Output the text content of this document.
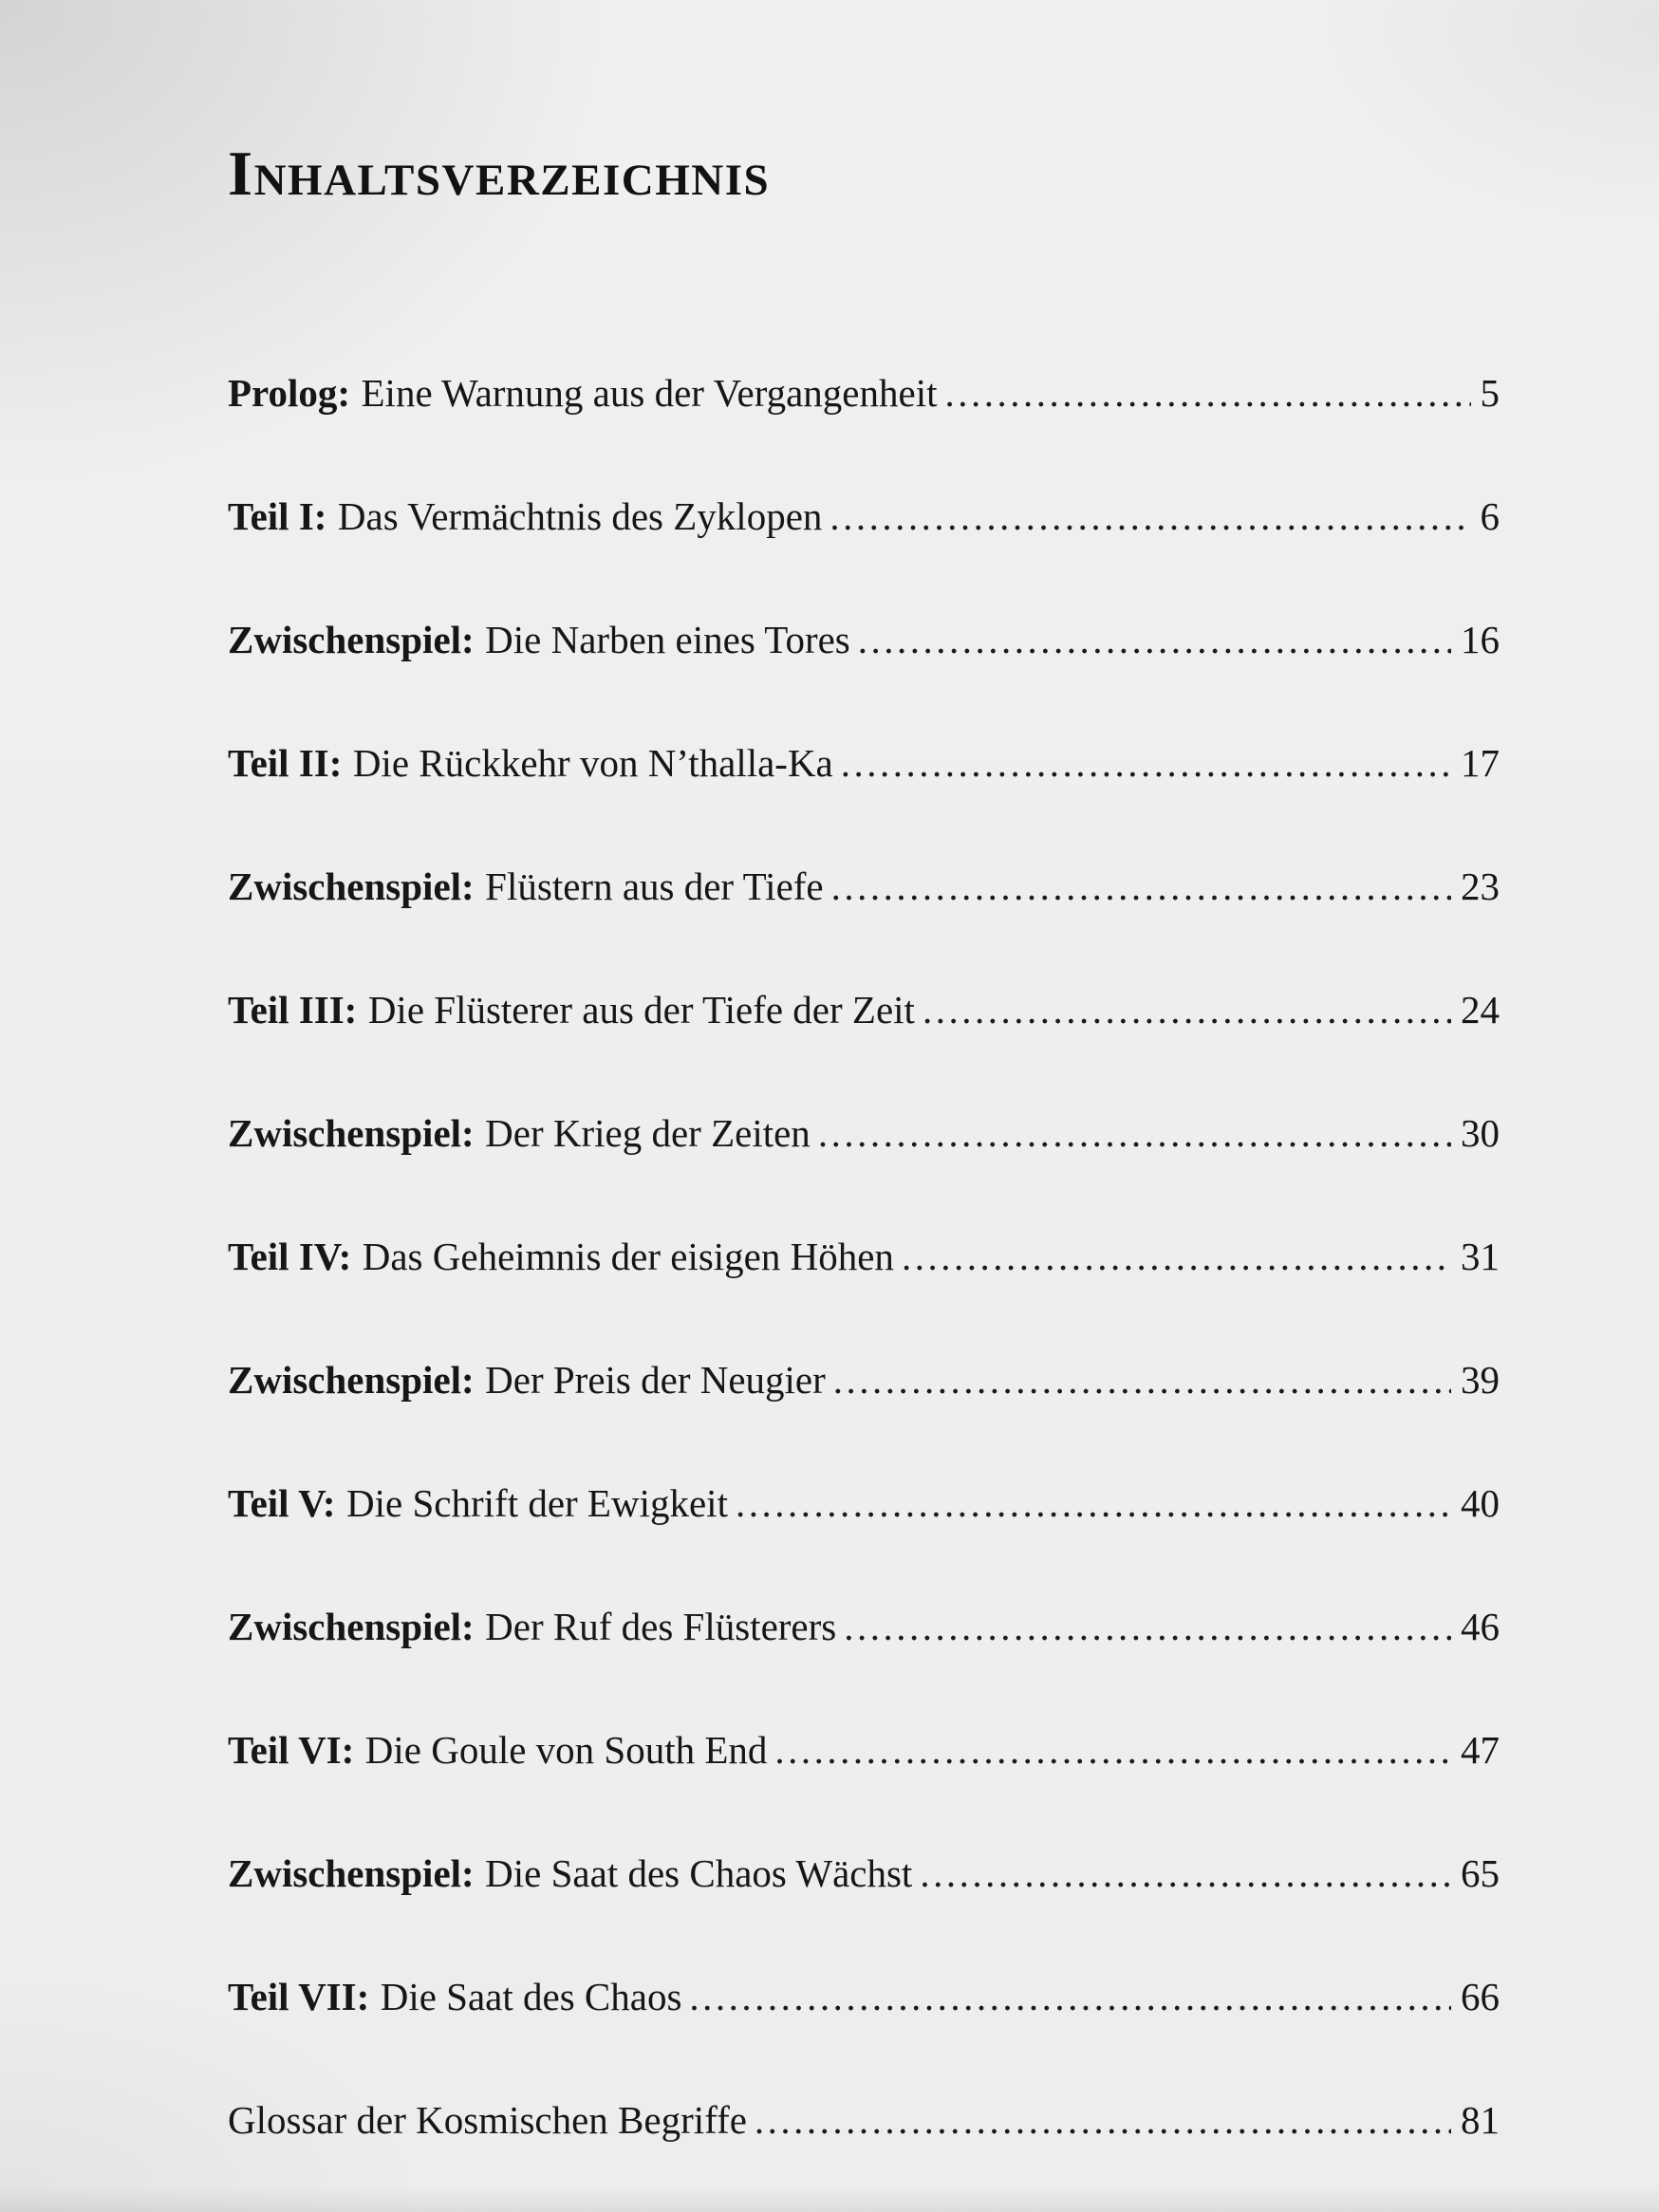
Inhaltsverzeichnis
Prolog: Eine Warnung aus der Vergangenheit .....	5
Teil I: Das Vermächtnis des Zyklopen .....	6
Zwischenspiel: Die Narben eines Tores .....	16
Teil II: Die Rückkehr von N’thalla-Ka .....	17
Zwischenspiel: Flüstern aus der Tiefe .....	23
Teil III: Die Flüsterer aus der Tiefe der Zeit .....	24
Zwischenspiel: Der Krieg der Zeiten .....	30
Teil IV: Das Geheimnis der eisigen Höhen .....	31
Zwischenspiel: Der Preis der Neugier .....	39
Teil V: Die Schrift der Ewigkeit .....	40
Zwischenspiel: Der Ruf des Flüsterers .....	46
Teil VI: Die Goule von South End .....	47
Zwischenspiel: Die Saat des Chaos Wächst .....	65
Teil VII: Die Saat des Chaos .....	66
Glossar der Kosmischen Begriffe .....	81
